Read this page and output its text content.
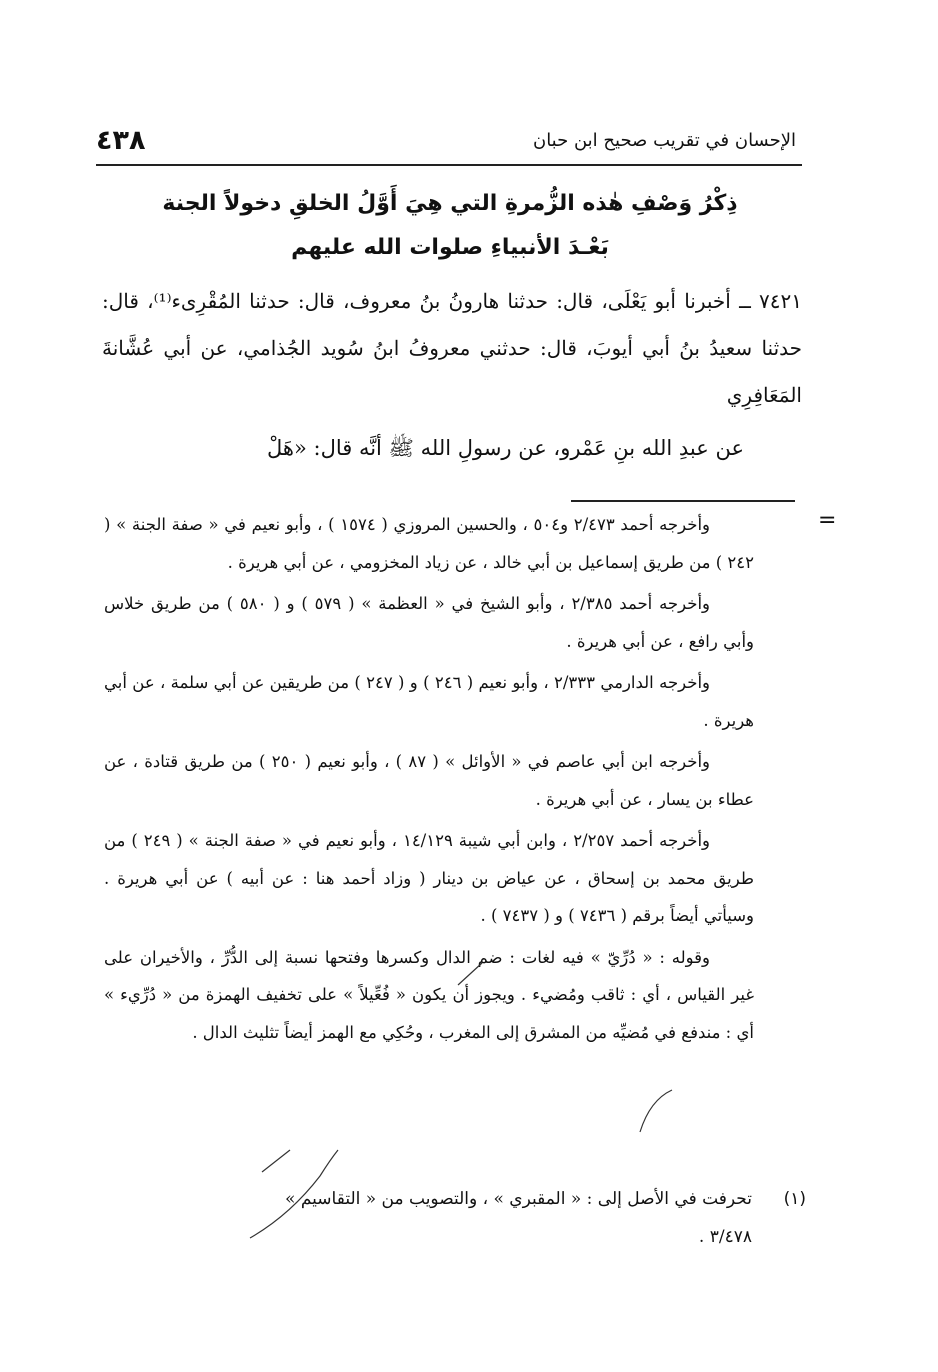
٤٣٨	الإحسان في تقريب صحيح ابن حبان
ذِكْرُ وَصْفِ هٰذه الزُّمرةِ التي هِيَ أَوَّلُ الخلقِ دخولاً الجنة
بَعْـدَ الأنبياءِ صلوات الله عليهم

٧٤٢١ ــ أخبرنا أبو يَعْلَى، قال: حدثنا هارونُ بنُ معروف، قال: حدثنا المُقْرِىء⁽¹⁾، قال: حدثنا سعيدُ بنُ أبي أيوبَ، قال: حدثني معروفُ ابنُ سُويد الجُذامي، عن أبي عُشَّانةَ المَعَافِرِي

عن عبدِ الله بنِ عَمْرو، عن رسولِ الله ﷺ أنَّه قال: «هَلْ

=

وأخرجه أحمد ٢/٤٧٣ و٥٠٤ ، والحسين المروزي ( ١٥٧٤ ) ، وأبو نعيم في « صفة الجنة » ( ٢٤٢ ) من طريق إسماعيل بن أبي خالد ، عن زياد المخزومي ، عن أبي هريرة .

وأخرجه أحمد ٢/٣٨٥ ، وأبو الشيخ في « العظمة » ( ٥٧٩ ) و ( ٥٨٠ ) من طريق خلاس وأبي رافع ، عن أبي هريرة .

وأخرجه الدارمي ٢/٣٣٣ ، وأبو نعيم ( ٢٤٦ ) و ( ٢٤٧ ) من طريقين عن أبي سلمة ، عن أبي هريرة .

وأخرجه ابن أبي عاصم في « الأوائل » ( ٨٧ ) ، وأبو نعيم ( ٢٥٠ ) من طريق قتادة ، عن عطاء بن يسار ، عن أبي هريرة .

وأخرجه أحمد ٢/٢٥٧ ، وابن أبي شيبة ١٤/١٢٩ ، وأبو نعيم في « صفة الجنة » ( ٢٤٩ ) من طريق محمد بن إسحاق ، عن عياض بن دينار ( وزاد أحمد هنا : عن أبيه ) عن أبي هريرة . وسيأتي أيضاً برقم ( ٧٤٣٦ ) و ( ٧٤٣٧ ) .

وقوله : « دُرِّيّ » فيه لغات : ضم الدال وكسرها وفتحها نسبة إلى الدُّرِّ ، والأخيران على غير القياس ، أي : ثاقب ومُضيء . ويجوز أن يكون « فُعِّيلاً » على تخفيف الهمزة من « دُرِّيء » أي : مندفع في مُضيِّه من المشرق إلى المغرب ، وحُكِي مع الهمز أيضاً تثليث الدال .

(١)تحرفت في الأصل إلى : « المقبري » ، والتصويب من « التقاسيم »
٣/٤٧٨ .
